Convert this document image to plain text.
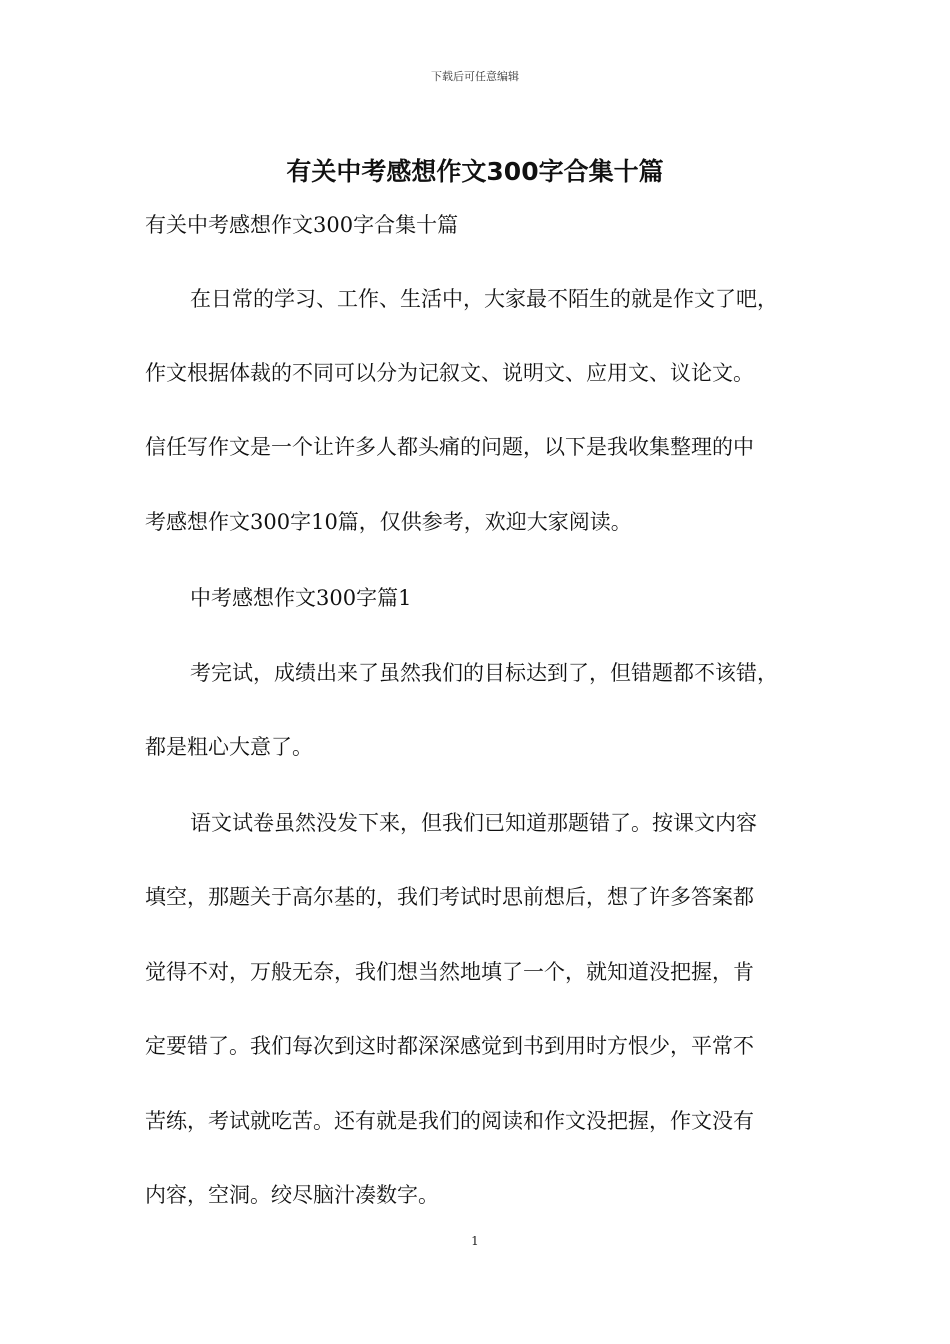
下载后可任意编辑
有关中考感想作文300字合集十篇
有关中考感想作文300字合集十篇
在日常的学习、工作、生活中，大家最不陌生的就是作文了吧，
作文根据体裁的不同可以分为记叙文、说明文、应用文、议论文。
信任写作文是一个让许多人都头痛的问题，以下是我收集整理的中
考感想作文300字10篇，仅供参考，欢迎大家阅读。
中考感想作文300字篇1
考完试，成绩出来了虽然我们的目标达到了，但错题都不该错，
都是粗心大意了。
语文试卷虽然没发下来，但我们已知道那题错了。按课文内容
填空，那题关于高尔基的，我们考试时思前想后，想了许多答案都
觉得不对，万般无奈，我们想当然地填了一个，就知道没把握，肯
定要错了。我们每次到这时都深深感觉到书到用时方恨少，平常不
苦练，考试就吃苦。还有就是我们的阅读和作文没把握，作文没有
内容，空洞。绞尽脑汁凑数字。
1
